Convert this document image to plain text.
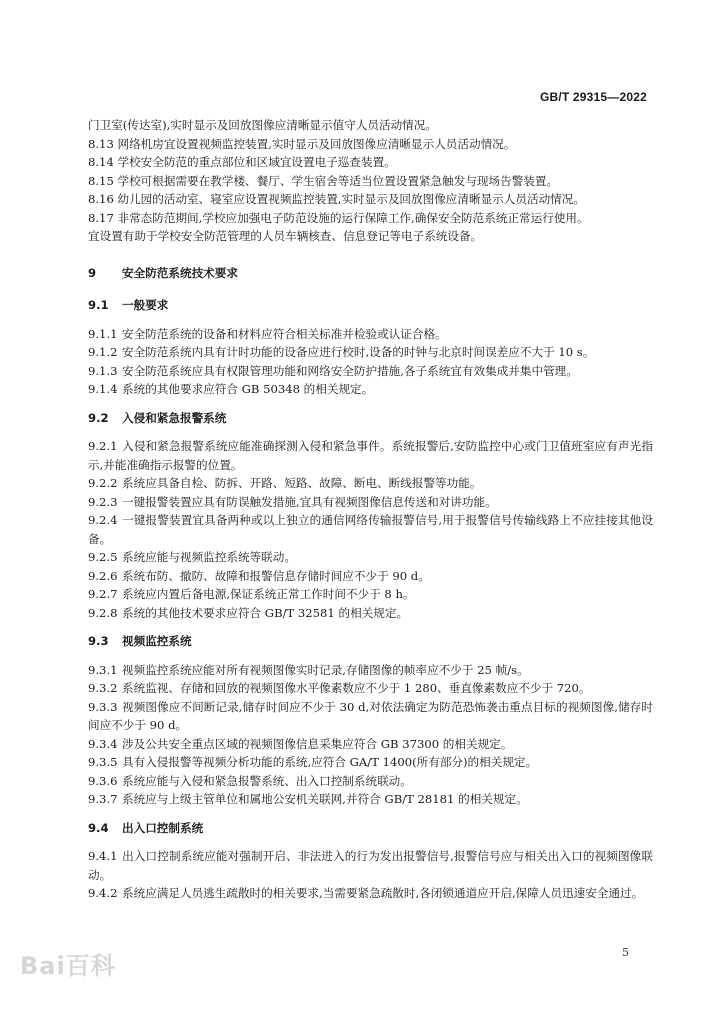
GB/T 29315—2022
门卫室(传达室),实时显示及回放图像应清晰显示值守人员活动情况。
8.13 网络机房宜设置视频监控装置,实时显示及回放图像应清晰显示人员活动情况。
8.14 学校安全防范的重点部位和区域宜设置电子巡查装置。
8.15 学校可根据需要在教学楼、餐厅、学生宿舍等适当位置设置紧急触发与现场告警装置。
8.16 幼儿园的活动室、寝室应设置视频监控装置,实时显示及回放图像应清晰显示人员活动情况。
8.17 非常态防范期间,学校应加强电子防范设施的运行保障工作,确保安全防范系统正常运行使用。
宜设置有助于学校安全防范管理的人员车辆核查、信息登记等电子系统设备。
9 安全防范系统技术要求
9.1 一般要求
9.1.1 安全防范系统的设备和材料应符合相关标准并检验或认证合格。
9.1.2 安全防范系统内具有计时功能的设备应进行校时,设备的时钟与北京时间误差应不大于 10 s。
9.1.3 安全防范系统应具有权限管理功能和网络安全防护措施,各子系统宜有效集成并集中管理。
9.1.4 系统的其他要求应符合 GB 50348 的相关规定。
9.2 入侵和紧急报警系统
9.2.1 入侵和紧急报警系统应能准确探测入侵和紧急事件。系统报警后,安防监控中心或门卫值班室应有声光指示,并能准确指示报警的位置。
9.2.2 系统应具备自检、防拆、开路、短路、故障、断电、断线报警等功能。
9.2.3 一键报警装置应具有防误触发措施,宜具有视频图像信息传送和对讲功能。
9.2.4 一键报警装置宜具备两种或以上独立的通信网络传输报警信号,用于报警信号传输线路上不应挂接其他设备。
9.2.5 系统应能与视频监控系统等联动。
9.2.6 系统布防、撤防、故障和报警信息存储时间应不少于 90 d。
9.2.7 系统应内置后备电源,保证系统正常工作时间不少于 8 h。
9.2.8 系统的其他技术要求应符合 GB/T 32581 的相关规定。
9.3 视频监控系统
9.3.1 视频监控系统应能对所有视频图像实时记录,存储图像的帧率应不少于 25 帧/s。
9.3.2 系统监视、存储和回放的视频图像水平像素数应不少于 1 280、垂直像素数应不少于 720。
9.3.3 视频图像应不间断记录,储存时间应不少于 30 d,对依法确定为防范恐怖袭击重点目标的视频图像,储存时间应不少于 90 d。
9.3.4 涉及公共安全重点区域的视频图像信息采集应符合 GB 37300 的相关规定。
9.3.5 具有入侵报警等视频分析功能的系统,应符合 GA/T 1400(所有部分)的相关规定。
9.3.6 系统应能与入侵和紧急报警系统、出入口控制系统联动。
9.3.7 系统应与上级主管单位和属地公安机关联网,并符合 GB/T 28181 的相关规定。
9.4 出入口控制系统
9.4.1 出入口控制系统应能对强制开启、非法进入的行为发出报警信号,报警信号应与相关出入口的视频图像联动。
9.4.2 系统应满足人员逃生疏散时的相关要求,当需要紧急疏散时,各闭锁通道应开启,保障人员迅速安全通过。
Bai百科	5
